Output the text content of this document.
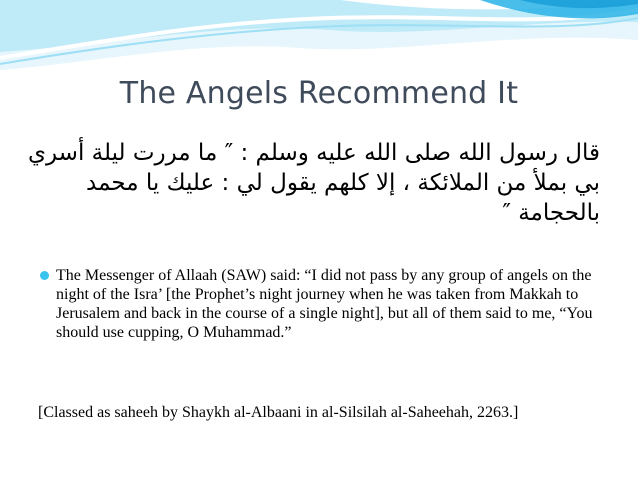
The Angels Recommend It
قال رسول الله صلى الله عليه وسلم : ″ ما مررت ليلة أسري
بي بملأ من الملائكة ، إلا كلهم يقول لي : عليك يا محمد
بالحجامة ″
The Messenger of Allaah (SAW) said: “I did not pass by any group of angels on the night of the Isra’ [the Prophet’s night journey when he was taken from Makkah to Jerusalem and back in the course of a single night], but all of them said to me, “You should use cupping, O Muhammad.”
[Classed as saheeh by Shaykh al-Albaani in al-Silsilah al-Saheehah, 2263.]
